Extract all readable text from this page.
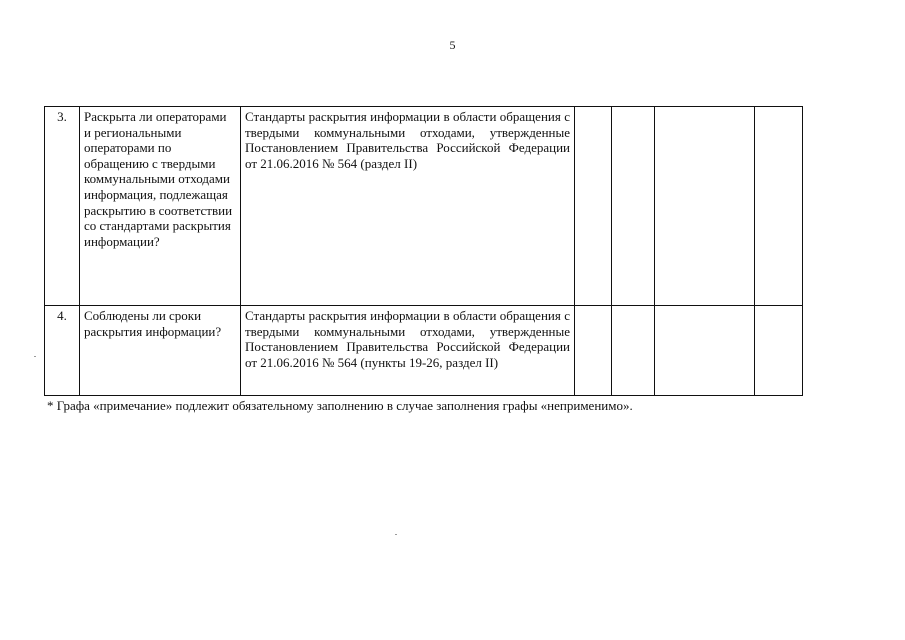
5
3.	Раскрыта ли операторами и региональными операторами по обращению с твердыми коммунальными отходами информация, подлежащая раскрытию в соответствии со стандартами раскрытия информации?	Стандарты раскрытия информации в области обращения с твердыми коммунальными отходами, утвержденные Постановлением Правительства Российской Федерации от 21.06.2016 № 564 (раздел II)				
4.	Соблюдены ли сроки раскрытия информации?	Стандарты раскрытия информации в области обращения с твердыми коммунальными отходами, утвержденные Постановлением Правительства Российской Федерации от 21.06.2016 № 564 (пункты 19-26, раздел II)				
* Графа «примечание» подлежит обязательному заполнению в случае заполнения графы «неприменимо».
